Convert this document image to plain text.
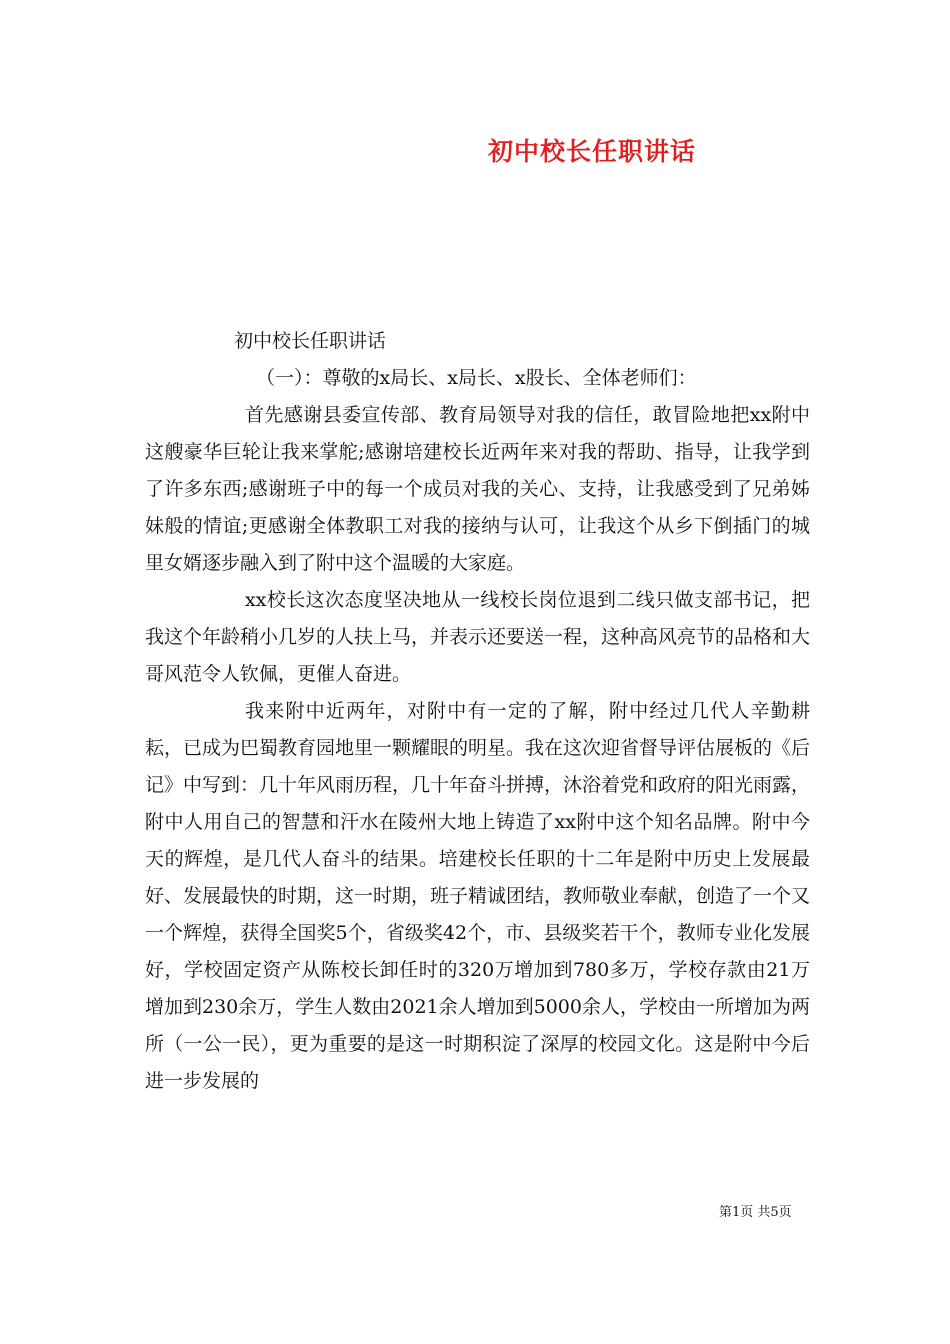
初中校长任职讲话

初中校长任职讲话

（一）：尊敬的x局长、x局长、x股长、全体老师们：

首先感谢县委宣传部、教育局领导对我的信任，敢冒险地把xx附中这艘豪华巨轮让我来掌舵;感谢培建校长近两年来对我的帮助、指导，让我学到了许多东西;感谢班子中的每一个成员对我的关心、支持，让我感受到了兄弟姊妹般的情谊;更感谢全体教职工对我的接纳与认可，让我这个从乡下倒插门的城里女婿逐步融入到了附中这个温暖的大家庭。

xx校长这次态度坚决地从一线校长岗位退到二线只做支部书记，把我这个年龄稍小几岁的人扶上马，并表示还要送一程，这种高风亮节的品格和大哥风范令人钦佩，更催人奋进。

我来附中近两年，对附中有一定的了解，附中经过几代人辛勤耕耘，已成为巴蜀教育园地里一颗耀眼的明星。我在这次迎省督导评估展板的《后记》中写到：几十年风雨历程，几十年奋斗拼搏，沐浴着党和政府的阳光雨露，附中人用自己的智慧和汗水在陵州大地上铸造了xx附中这个知名品牌。附中今天的辉煌，是几代人奋斗的结果。培建校长任职的十二年是附中历史上发展最好、发展最快的时期，这一时期，班子精诚团结，教师敬业奉献，创造了一个又一个辉煌，获得全国奖5个，省级奖42个，市、县级奖若干个，教师专业化发展好，学校固定资产从陈校长卸任时的320万增加到780多万，学校存款由21万增加到230余万，学生人数由2021余人增加到5000余人，学校由一所增加为两所（一公一民），更为重要的是这一时期积淀了深厚的校园文化。这是附中今后进一步发展的

第1页 共5页
